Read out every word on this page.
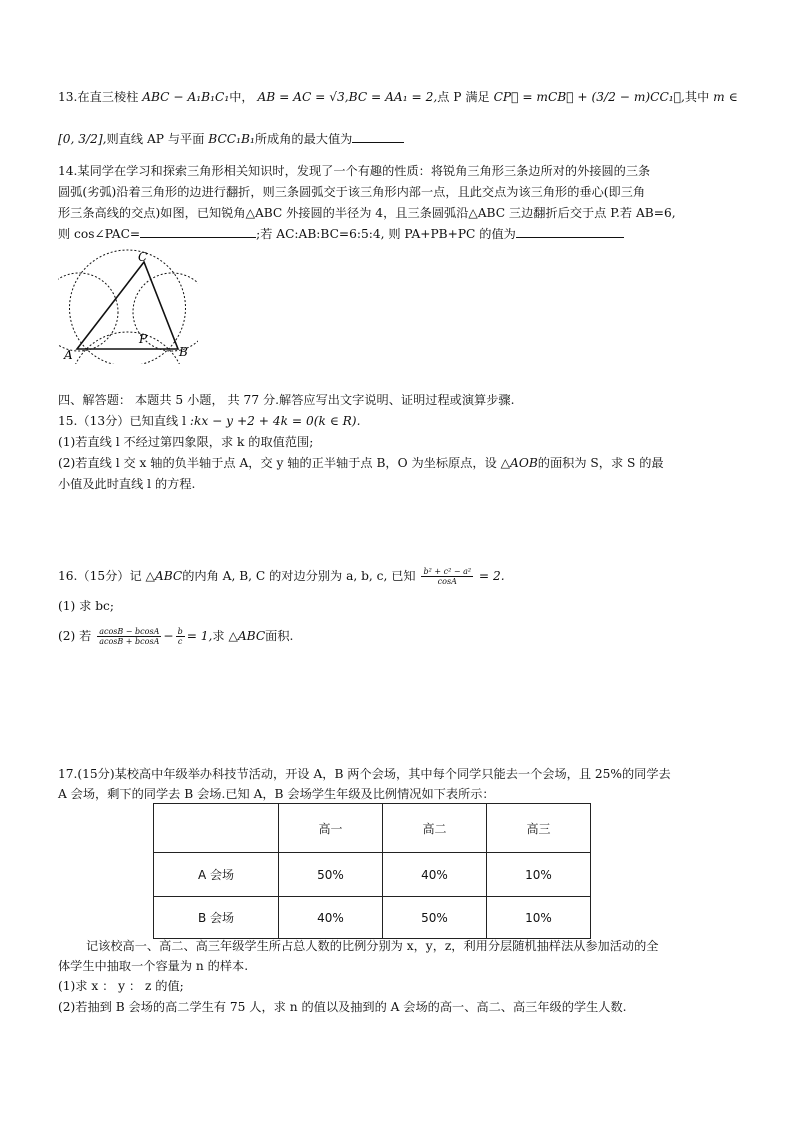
13.在直三棱柱 ABC − A₁B₁C₁中， AB = AC = √3,BC = AA₁ = 2,点 P 满足 CP⃗ = mCB⃗ + (3/2 − m)CC₁⃗,其中 m ∈
[0, 3/2],则直线 AP 与平面 BCC₁B₁所成角的最大值为
14.某同学在学习和探索三角形相关知识时，发现了一个有趣的性质：将锐角三角形三条边所对的外接圆的三条
圆弧(劣弧)沿着三角形的边进行翻折，则三条圆弧交于该三角形内部一点，且此交点为该三角形的垂心(即三角
形三条高线的交点)如图，已知锐角△ABC 外接圆的半径为 4，且三条圆弧沿△ABC 三边翻折后交于点 P.若 AB=6,
则 cos∠PAC=	;若 AC:AB:BC=6:5:4, 则 PA+PB+PC 的值为
C
A	B
P
四、解答题： 本题共 5 小题， 共 77 分.解答应写出文字说明、证明过程或演算步骤.
15.（13分）已知直线 l :kx − y +2 + 4k = 0(k ∈ R).
(1)若直线 l 不经过第四象限，求 k 的取值范围;
(2)若直线 l 交 x 轴的负半轴于点 A，交 y 轴的正半轴于点 B，O 为坐标原点，设 △AOB的面积为 S，求 S 的最
小值及此时直线 l 的方程.
16.（15分）记 △ABC的内角 A, B, C 的对边分别为 a, b, c, 已知 $\frac{\text{b² + c² − a²}}{\cos A} = 2$.
(1) 求 bc;
(2) 若 $\frac{acosB - bcosA}{acosB + bcosA} - \frac{b}{c} = 1$,求 △ABC面积.
17.(15分)某校高中年级举办科技节活动，开设 A，B 两个会场，其中每个同学只能去一个会场，且 25%的同学去
A 会场，剩下的同学去 B 会场.已知 A，B 会场学生年级及比例情况如下表所示：
	高一	高二	高三
A 会场	50%	40%	10%
B 会场	40%	50%	10%
记该校高一、高二、高三年级学生所占总人数的比例分别为 x，y，z，利用分层随机抽样法从参加活动的全
体学生中抽取一个容量为 n 的样本.
(1)求 x ： y ： z 的值;
(2)若抽到 B 会场的高二学生有 75 人，求 n 的值以及抽到的 A 会场的高一、高二、高三年级的学生人数.
